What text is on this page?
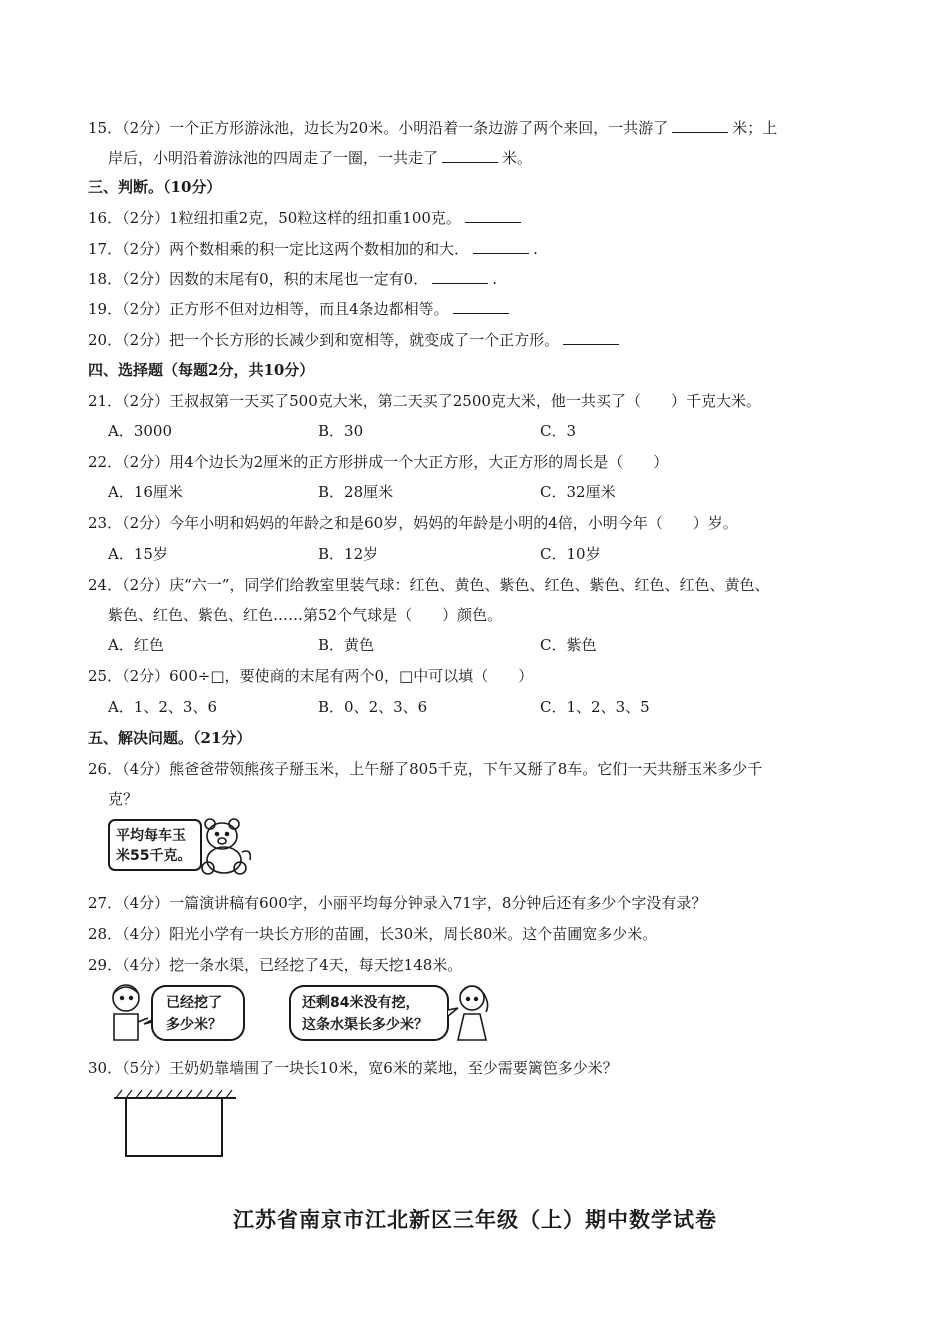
15．（2分）一个正方形游泳池，边长为20米。小明沿着一条边游了两个来回，一共游了	米；上
岸后，小明沿着游泳池的四周走了一圈，一共走了	米。
三、判断。（10分）
16．（2分）1粒纽扣重2克，50粒这样的纽扣重100克。
17．（2分）两个数相乘的积一定比这两个数相加的和大．	.
18．（2分）因数的末尾有0，积的末尾也一定有0．	.
19．（2分）正方形不但对边相等，而且4条边都相等。
20．（2分）把一个长方形的长减少到和宽相等，就变成了一个正方形。
四、选择题（每题2分，共10分）
21．（2分）王叔叔第一天买了500克大米，第二天买了2500克大米，他一共买了（　　）千克大米。
A．3000	B．30	C．3
22．（2分）用4个边长为2厘米的正方形拼成一个大正方形，大正方形的周长是（　　）
A．16厘米	B．28厘米	C．32厘米
23．（2分）今年小明和妈妈的年龄之和是60岁，妈妈的年龄是小明的4倍，小明今年（　　）岁。
A．15岁	B．12岁	C．10岁
24．（2分）庆“六一”，同学们给教室里装气球：红色、黄色、紫色、红色、紫色、红色、红色、黄色、
紫色、红色、紫色、红色……第52个气球是（　　）颜色。
A．红色	B．黄色	C．紫色
25．（2分）600÷□，要使商的末尾有两个0，□中可以填（　　）
A．1、2、3、6	B．0、2、3、6	C．1、2、3、5
五、解决问题。（21分）
26．（4分）熊爸爸带领熊孩子掰玉米，上午掰了805千克，下午又掰了8车。它们一天共掰玉米多少千
克？
平均每车玉
米55千克。
27．（4分）一篇演讲稿有600字，小丽平均每分钟录入71字，8分钟后还有多少个字没有录？
28．（4分）阳光小学有一块长方形的苗圃，长30米，周长80米。这个苗圃宽多少米。
29．（4分）挖一条水渠，已经挖了4天，每天挖148米。
已经挖了
多少米？
还剩84米没有挖，
这条水渠长多少米？
30．（5分）王奶奶靠墙围了一块长10米，宽6米的菜地，至少需要篱笆多少米？
江苏省南京市江北新区三年级（上）期中数学试卷
